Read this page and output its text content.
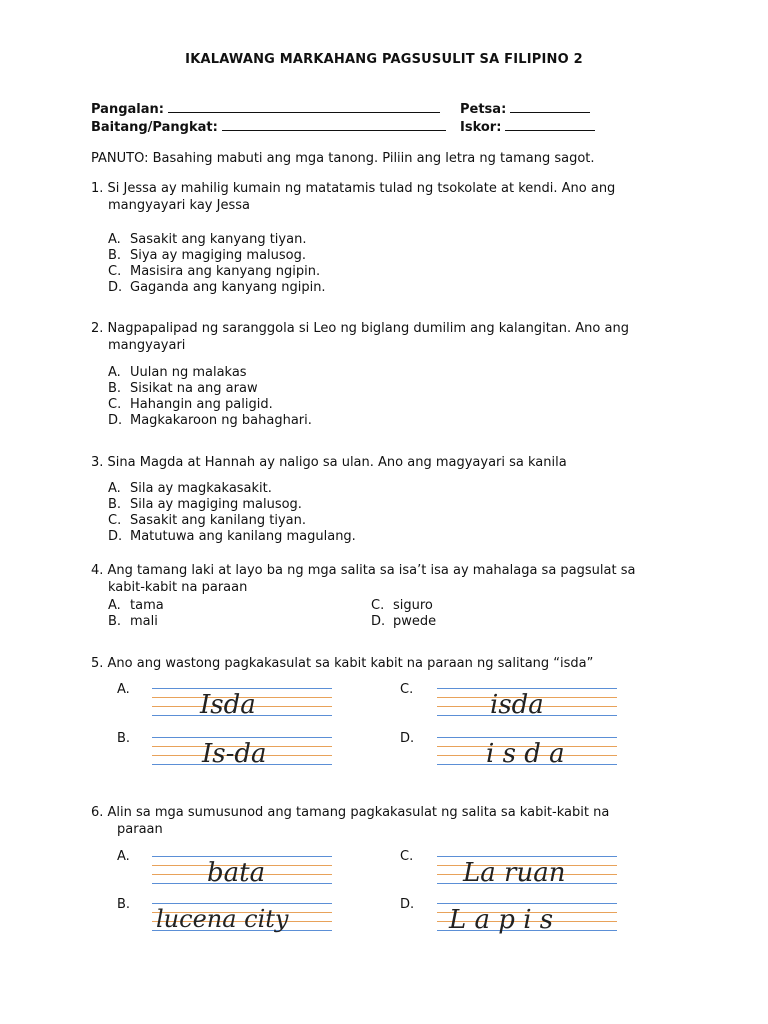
IKALAWANG MARKAHANG PAGSUSULIT SA FILIPINO 2
Pangalan:	Petsa:
Baitang/Pangkat:	Iskor:
PANUTO: Basahing mabuti ang mga tanong. Piliin ang letra ng tamang sagot.
1. Si Jessa ay mahilig kumain ng matatamis tulad ng tsokolate at kendi. Ano ang
mangyayari kay Jessa
A. Sasakit ang kanyang tiyan.
B. Siya ay magiging malusog.
C. Masisira ang kanyang ngipin.
D. Gaganda ang kanyang ngipin.
2. Nagpapalipad ng saranggola si Leo ng biglang dumilim ang kalangitan. Ano ang
mangyayari
A. Uulan ng malakas
B. Sisikat na ang araw
C. Hahangin ang paligid.
D. Magkakaroon ng bahaghari.
3. Sina Magda at Hannah ay naligo sa ulan. Ano ang magyayari sa kanila
A. Sila ay magkakasakit.
B. Sila ay magiging malusog.
C. Sasakit ang kanilang tiyan.
D. Matutuwa ang kanilang magulang.
4. Ang tamang laki at layo ba ng mga salita sa isa’t isa ay mahalaga sa pagsulat sa
kabit-kabit na paraan
A. tama
B. mali
C. siguro
D. pwede
5. Ano ang wastong pagkakasulat sa kabit kabit na paraan ng salitang “isda”
A.
Isda
C.
isda
B.
Is-da
D.
i s d a
6. Alin sa mga sumusunod ang tamang pagkakasulat ng salita sa kabit-kabit na
paraan
A.
bata
C.
La ruan
B.
lucena city
D.
L a p i s
